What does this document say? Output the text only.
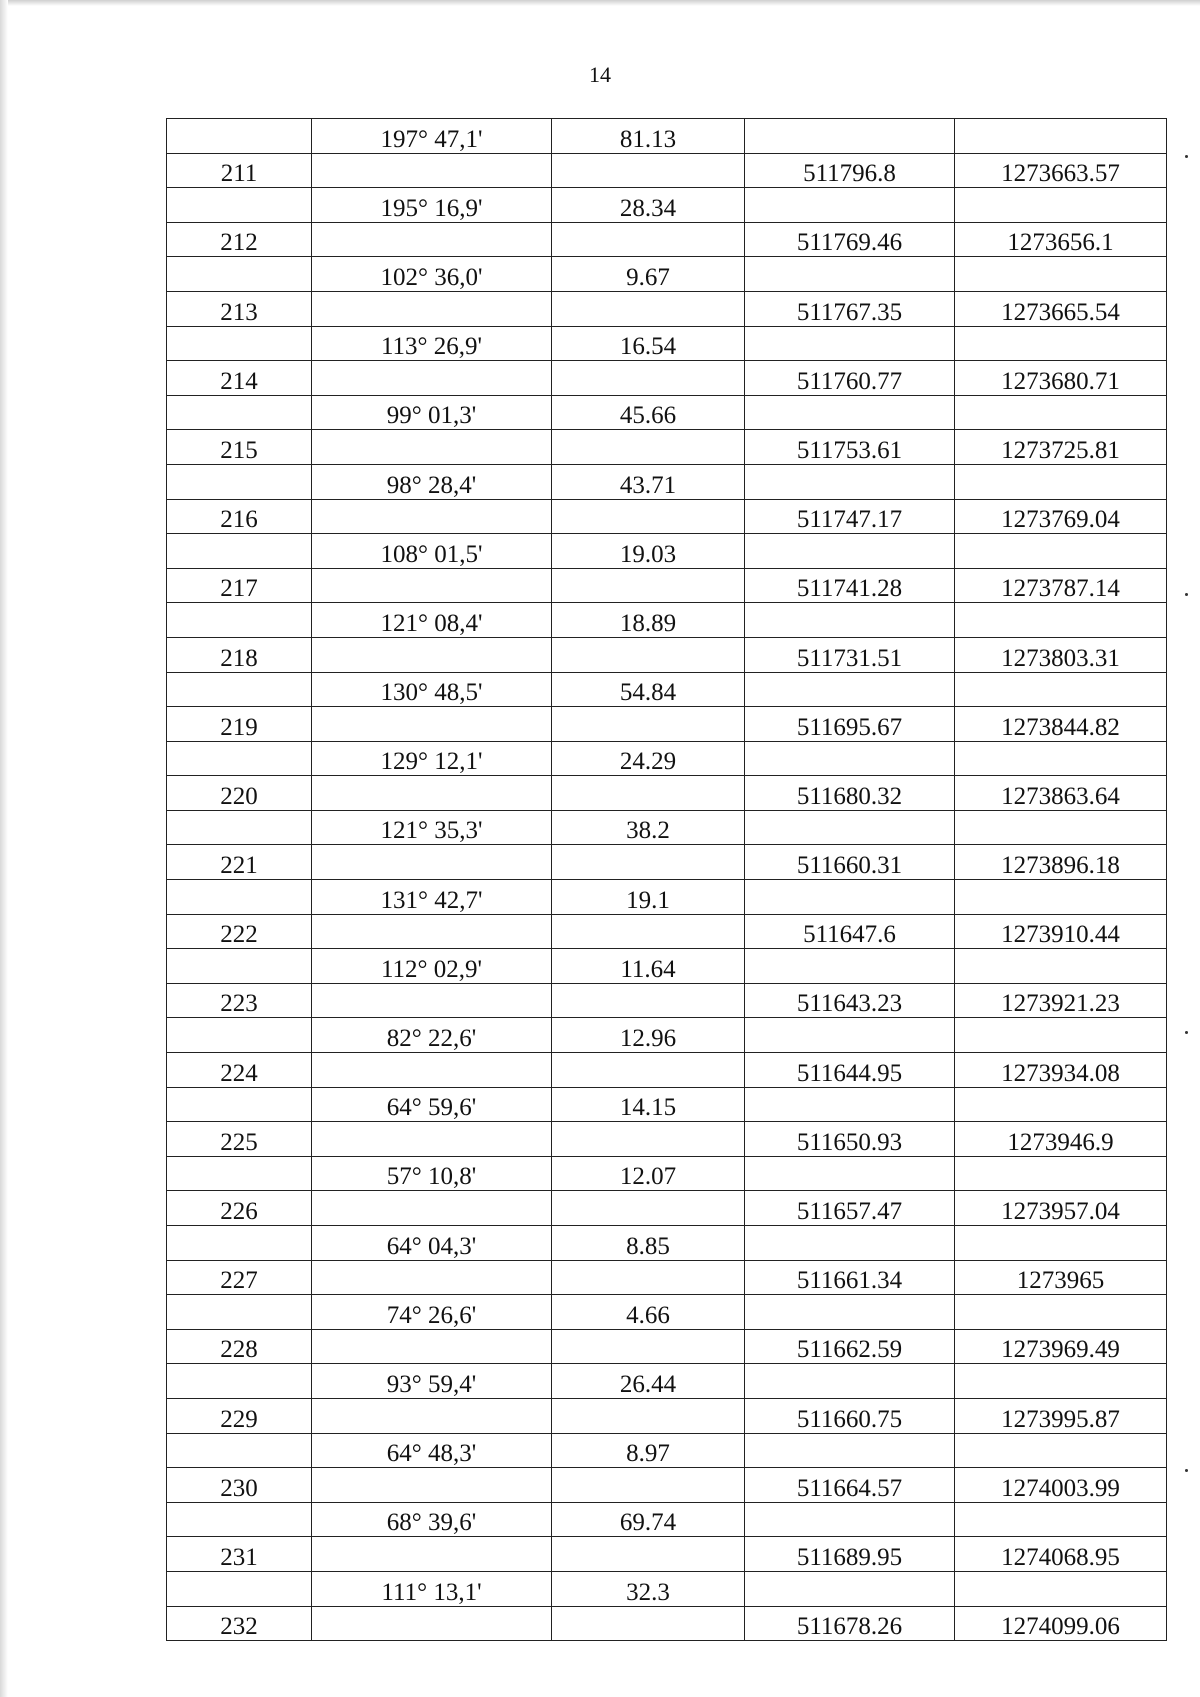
14
	197° 47,1'	81.13		
211			511796.8	1273663.57
	195° 16,9'	28.34		
212			511769.46	1273656.1
	102° 36,0'	9.67		
213			511767.35	1273665.54
	113° 26,9'	16.54		
214			511760.77	1273680.71
	99° 01,3'	45.66		
215			511753.61	1273725.81
	98° 28,4'	43.71		
216			511747.17	1273769.04
	108° 01,5'	19.03		
217			511741.28	1273787.14
	121° 08,4'	18.89		
218			511731.51	1273803.31
	130° 48,5'	54.84		
219			511695.67	1273844.82
	129° 12,1'	24.29		
220			511680.32	1273863.64
	121° 35,3'	38.2		
221			511660.31	1273896.18
	131° 42,7'	19.1		
222			511647.6	1273910.44
	112° 02,9'	11.64		
223			511643.23	1273921.23
	82° 22,6'	12.96		
224			511644.95	1273934.08
	64° 59,6'	14.15		
225			511650.93	1273946.9
	57° 10,8'	12.07		
226			511657.47	1273957.04
	64° 04,3'	8.85		
227			511661.34	1273965
	74° 26,6'	4.66		
228			511662.59	1273969.49
	93° 59,4'	26.44		
229			511660.75	1273995.87
	64° 48,3'	8.97		
230			511664.57	1274003.99
	68° 39,6'	69.74		
231			511689.95	1274068.95
	111° 13,1'	32.3		
232			511678.26	1274099.06
